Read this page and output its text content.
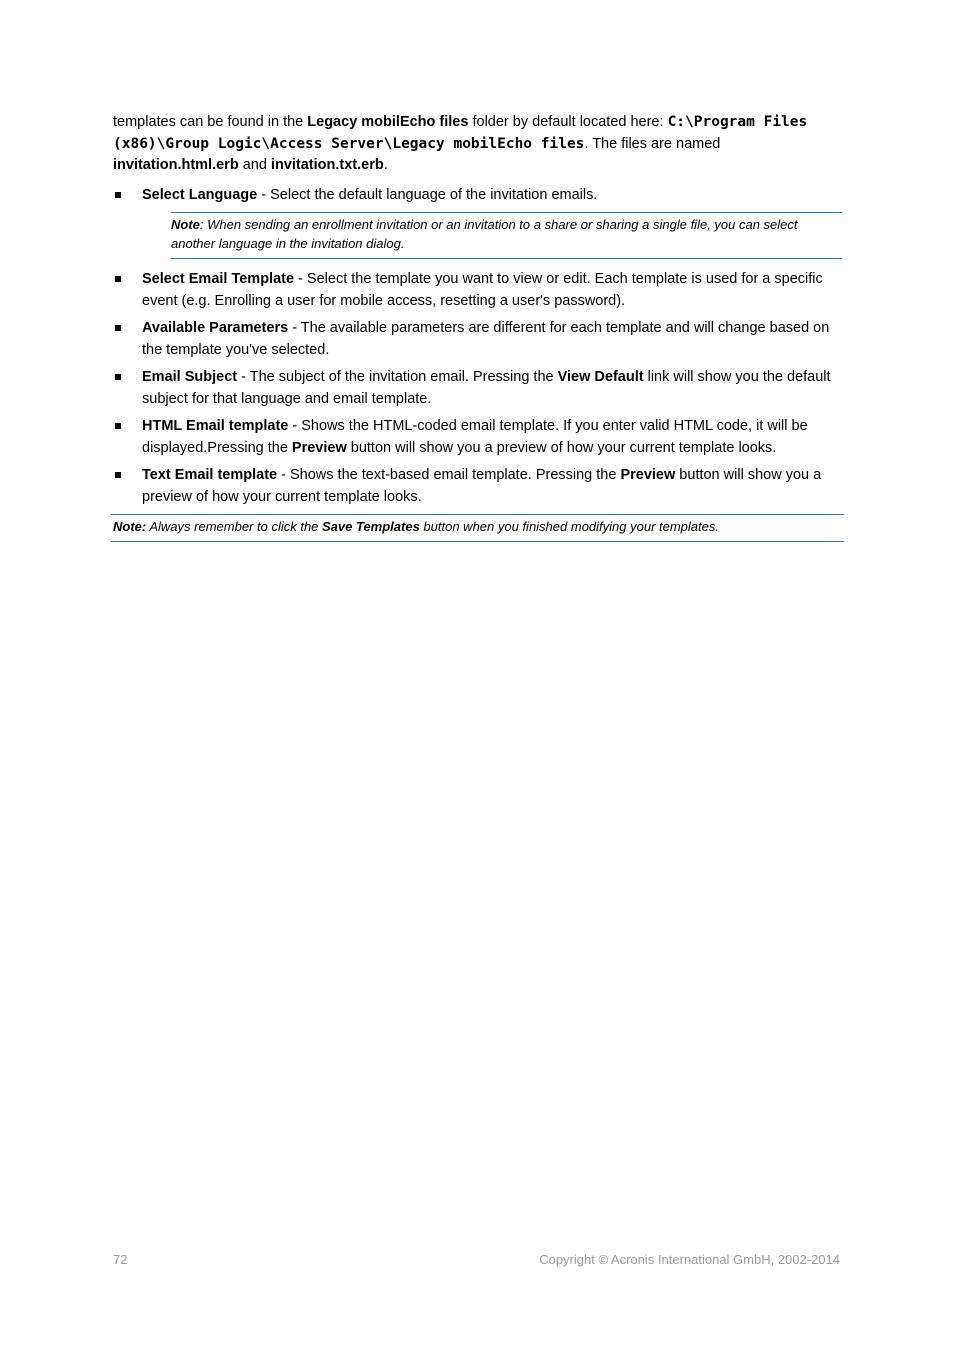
templates can be found in the Legacy mobilEcho files folder by default located here: C:\Program Files (x86)\Group Logic\Access Server\Legacy mobilEcho files. The files are named invitation.html.erb and invitation.txt.erb.

Select Language - Select the default language of the invitation emails.
Note: When sending an enrollment invitation or an invitation to a share or sharing a single file, you can select another language in the invitation dialog.
Select Email Template - Select the template you want to view or edit. Each template is used for a specific event (e.g. Enrolling a user for mobile access, resetting a user's password).
Available Parameters - The available parameters are different for each template and will change based on the template you've selected.
Email Subject - The subject of the invitation email. Pressing the View Default link will show you the default subject for that language and email template.
HTML Email template - Shows the HTML-coded email template. If you enter valid HTML code, it will be displayed.Pressing the Preview button will show you a preview of how your current template looks.
Text Email template - Shows the text-based email template. Pressing the Preview button will show you a preview of how your current template looks.
Note: Always remember to click the Save Templates button when you finished modifying your templates.
72	Copyright © Acronis International GmbH, 2002-2014
